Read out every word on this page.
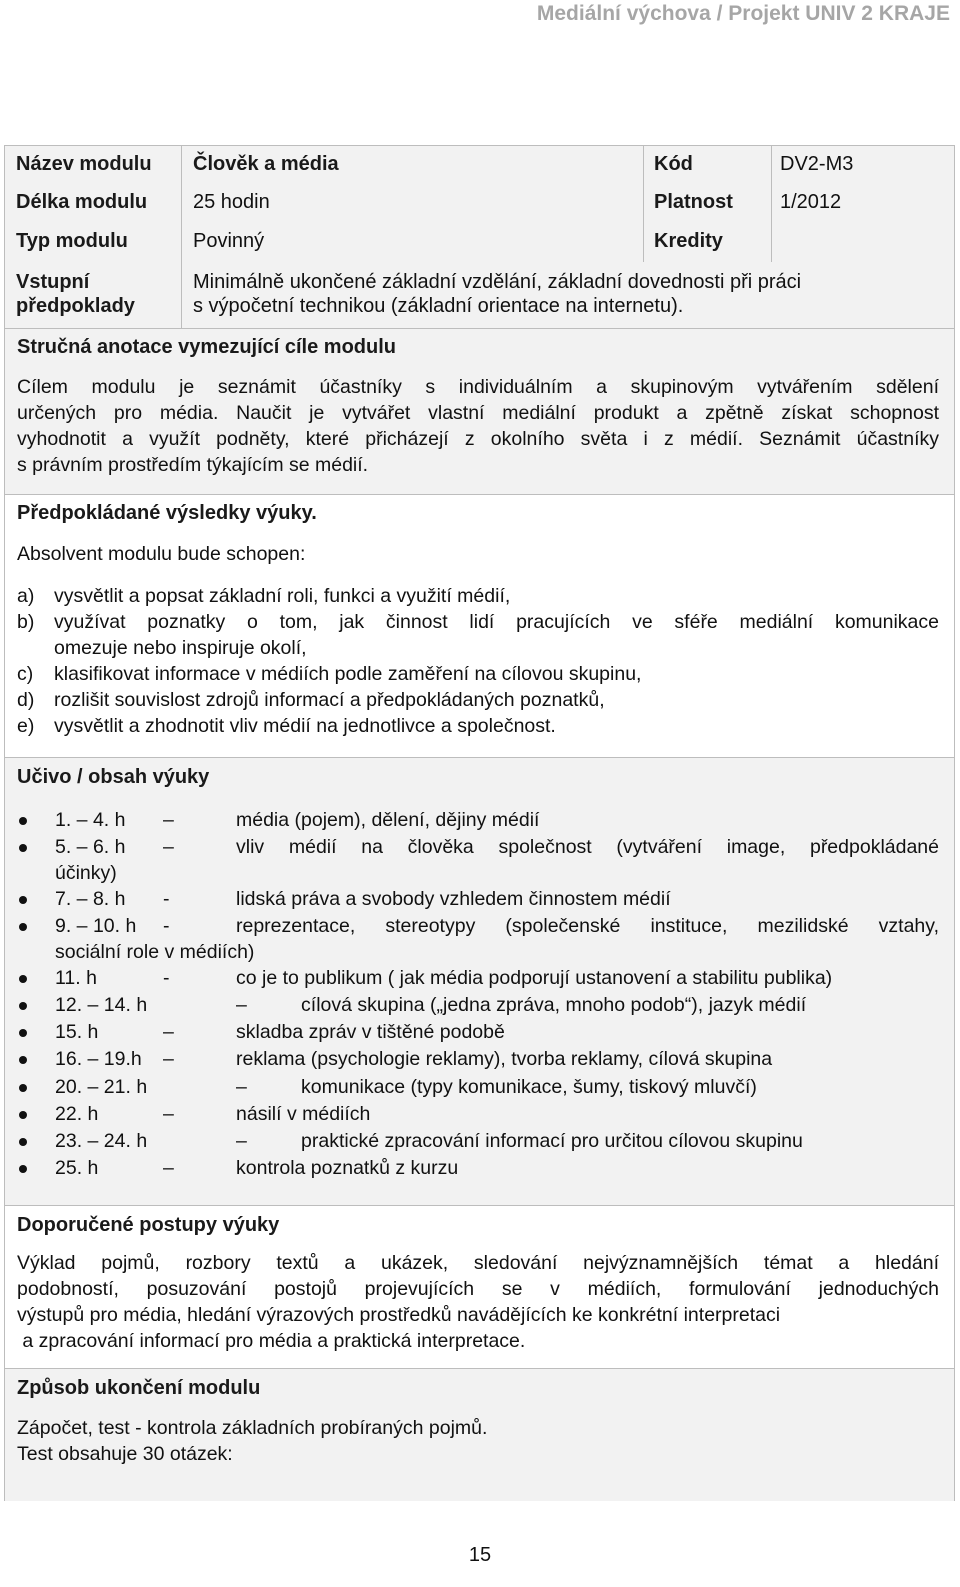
Mediální výchova / Projekt UNIV 2 KRAJE
Název modulu	Člověk a média	Kód	DV2-M3
Délka modulu	25 hodin	Platnost	1/2012
Typ modulu	Povinný	Kredity
Vstupní
předpoklady
Minimálně ukončené základní vzdělání, základní dovednosti při práci
s výpočetní technikou (základní orientace na internetu).
Stručná anotace vymezující cíle modulu
Cílem modulu je seznámit účastníky s individuálním a skupinovým vytvářením sdělení
určených pro média. Naučit je vytvářet vlastní mediální produkt a zpětně získat schopnost
vyhodnotit a využít podněty, které přicházejí z okolního světa i z médií. Seznámit účastníky
s právním prostředím týkajícím se médií.
Předpokládané výsledky výuky.
Absolvent modulu bude schopen:
a) vysvětlit a popsat základní roli, funkci a využití médií,
b) využívat poznatky o tom, jak činnost lidí pracujících ve sféře mediální komunikace
omezuje nebo inspiruje okolí,
c) klasifikovat informace v médiích podle zaměření na cílovou skupinu,
d) rozlišit souvislost zdrojů informací a předpokládaných poznatků,
e) vysvětlit a zhodnotit vliv médií na jednotlivce a společnost.
Učivo / obsah výuky
1. – 4. h –	média (pojem), dělení, dějiny médií
5. – 6. h –	vliv médií na člověka společnost (vytváření image, předpokládané
účinky)
7. – 8. h -	lidská práva a svobody vzhledem činnostem médií
9. – 10. h -	reprezentace, stereotypy (společenské instituce, mezilidské vztahy,
sociální role v médiích)
11. h	-	co je to publikum ( jak média podporují ustanovení a stabilitu publika)
12. – 14. h	–          cílová skupina („jedna zpráva, mnoho podob“), jazyk médií
15. h	–	skladba zpráv v tištěné podobě
16. – 19.h –	reklama (psychologie reklamy), tvorba reklamy, cílová skupina
20. – 21. h	–          komunikace (typy komunikace, šumy, tiskový mluvčí)
22. h	–	násilí v médiích
23. – 24. h	–          praktické zpracování informací pro určitou cílovou skupinu
25. h	–	kontrola poznatků z kurzu
Doporučené postupy výuky
Výklad pojmů, rozbory textů a ukázek, sledování nejvýznamnějších témat a hledání
podobností, posuzování postojů projevujících se v médiích, formulování jednoduchých
výstupů pro média, hledání výrazových prostředků navádějících ke konkrétní interpretaci
a zpracování informací pro média a praktická interpretace.
Způsob ukončení modulu
Zápočet, test - kontrola základních probíraných pojmů.
Test obsahuje 30 otázek:
15
